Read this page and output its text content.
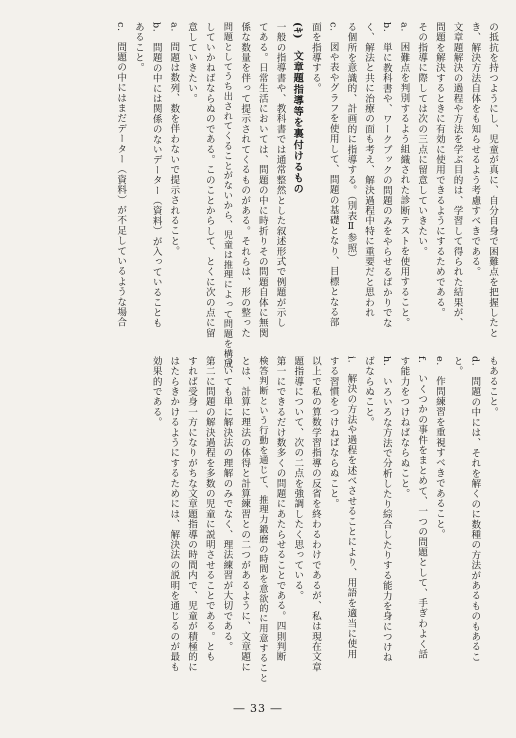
の抵抗を持つようにし、児童が真に、自分自身で困難点を把握したと
き、解決方法自体をも知らせるよう考慮すべきである。
文章題解決の過程や方法を学ぶ目的は、学習して得られた結果が、
問題を解決するときに有効に使用できるようにするためである。
その指導に際しては次の三点に留意していきたい。
a.　困難点を判別するよう組織された診断テストを使用すること。
b.　単に教科書や、ワークブックの問題のみをやらせるばかりでな
く、解法と共に治療の面も考え、解決過程中特に重要だと思われ
る個所を意識的、計画的に指導する。（別表Ⅱ参照）
c.　図や表やグラフを使用して、問題の基礎となり、目標となる部
面を指導する。
(ｷ)　文章題指導等を裏付けるもの
一般の指導書や、教科書では通常整然とした叙述形式で例題が示し
てある。日常生活においては、問題の中に時折りその問題自体に無関
係な数量を伴って提示されてくるものがある。それらは、形の整った
問題としてうち出されてくることがないから、児童は推理によって問題を構成
していかねばならぬのである。このことからして、とくに次の点に留
意していきたい。
a.　問題は数列、数を伴わないで提示されること。
b.　問題の中には関係のないデーター（資料）が入っていることも
あること。
c.　問題の中にはまだデーター（資料）が不足しているような場合
もあること。
d.　問題の中には、それを解くのに数種の方法があるものもあるこ
と。
e.　作問練習を重視すべきであること。
f.　いくつかの事件をまとめて、一つの問題として、手ぎわよく話
す能力をつけねばならぬこと。
h.　いろいろな方法で分析したり綜合したりする能力を身につけね
ばならぬこと。
i.　解決の方法や過程を述べさせることにより、用語を適当に使用
する習慣をつけねばならぬこと。
以上で私の算数学習指導の反省を終わるわけであるが、私は現在文章
題指導について、次の二点を強調したく思っている。
第一にできるだけ数多くの問題にあたらせることである。四則判断
検答判断という行動を通じて、推理力鍛磨の時間を意欲的に用意すること
とは、計算に理法の体得と計算練習との二つがあるように、文章題に
ついても単に解決法の理解のみでなく、理法練習が大切である。
第二に問題の解決過程を多数の児童に説明させることである。とも
すれば受身一方になりがちな文章題指導の時間内で、児童が積極的に
はたらきかけるようにするためには、解決法の説明を通じるのが最も
効果的である。
― 33 ―
